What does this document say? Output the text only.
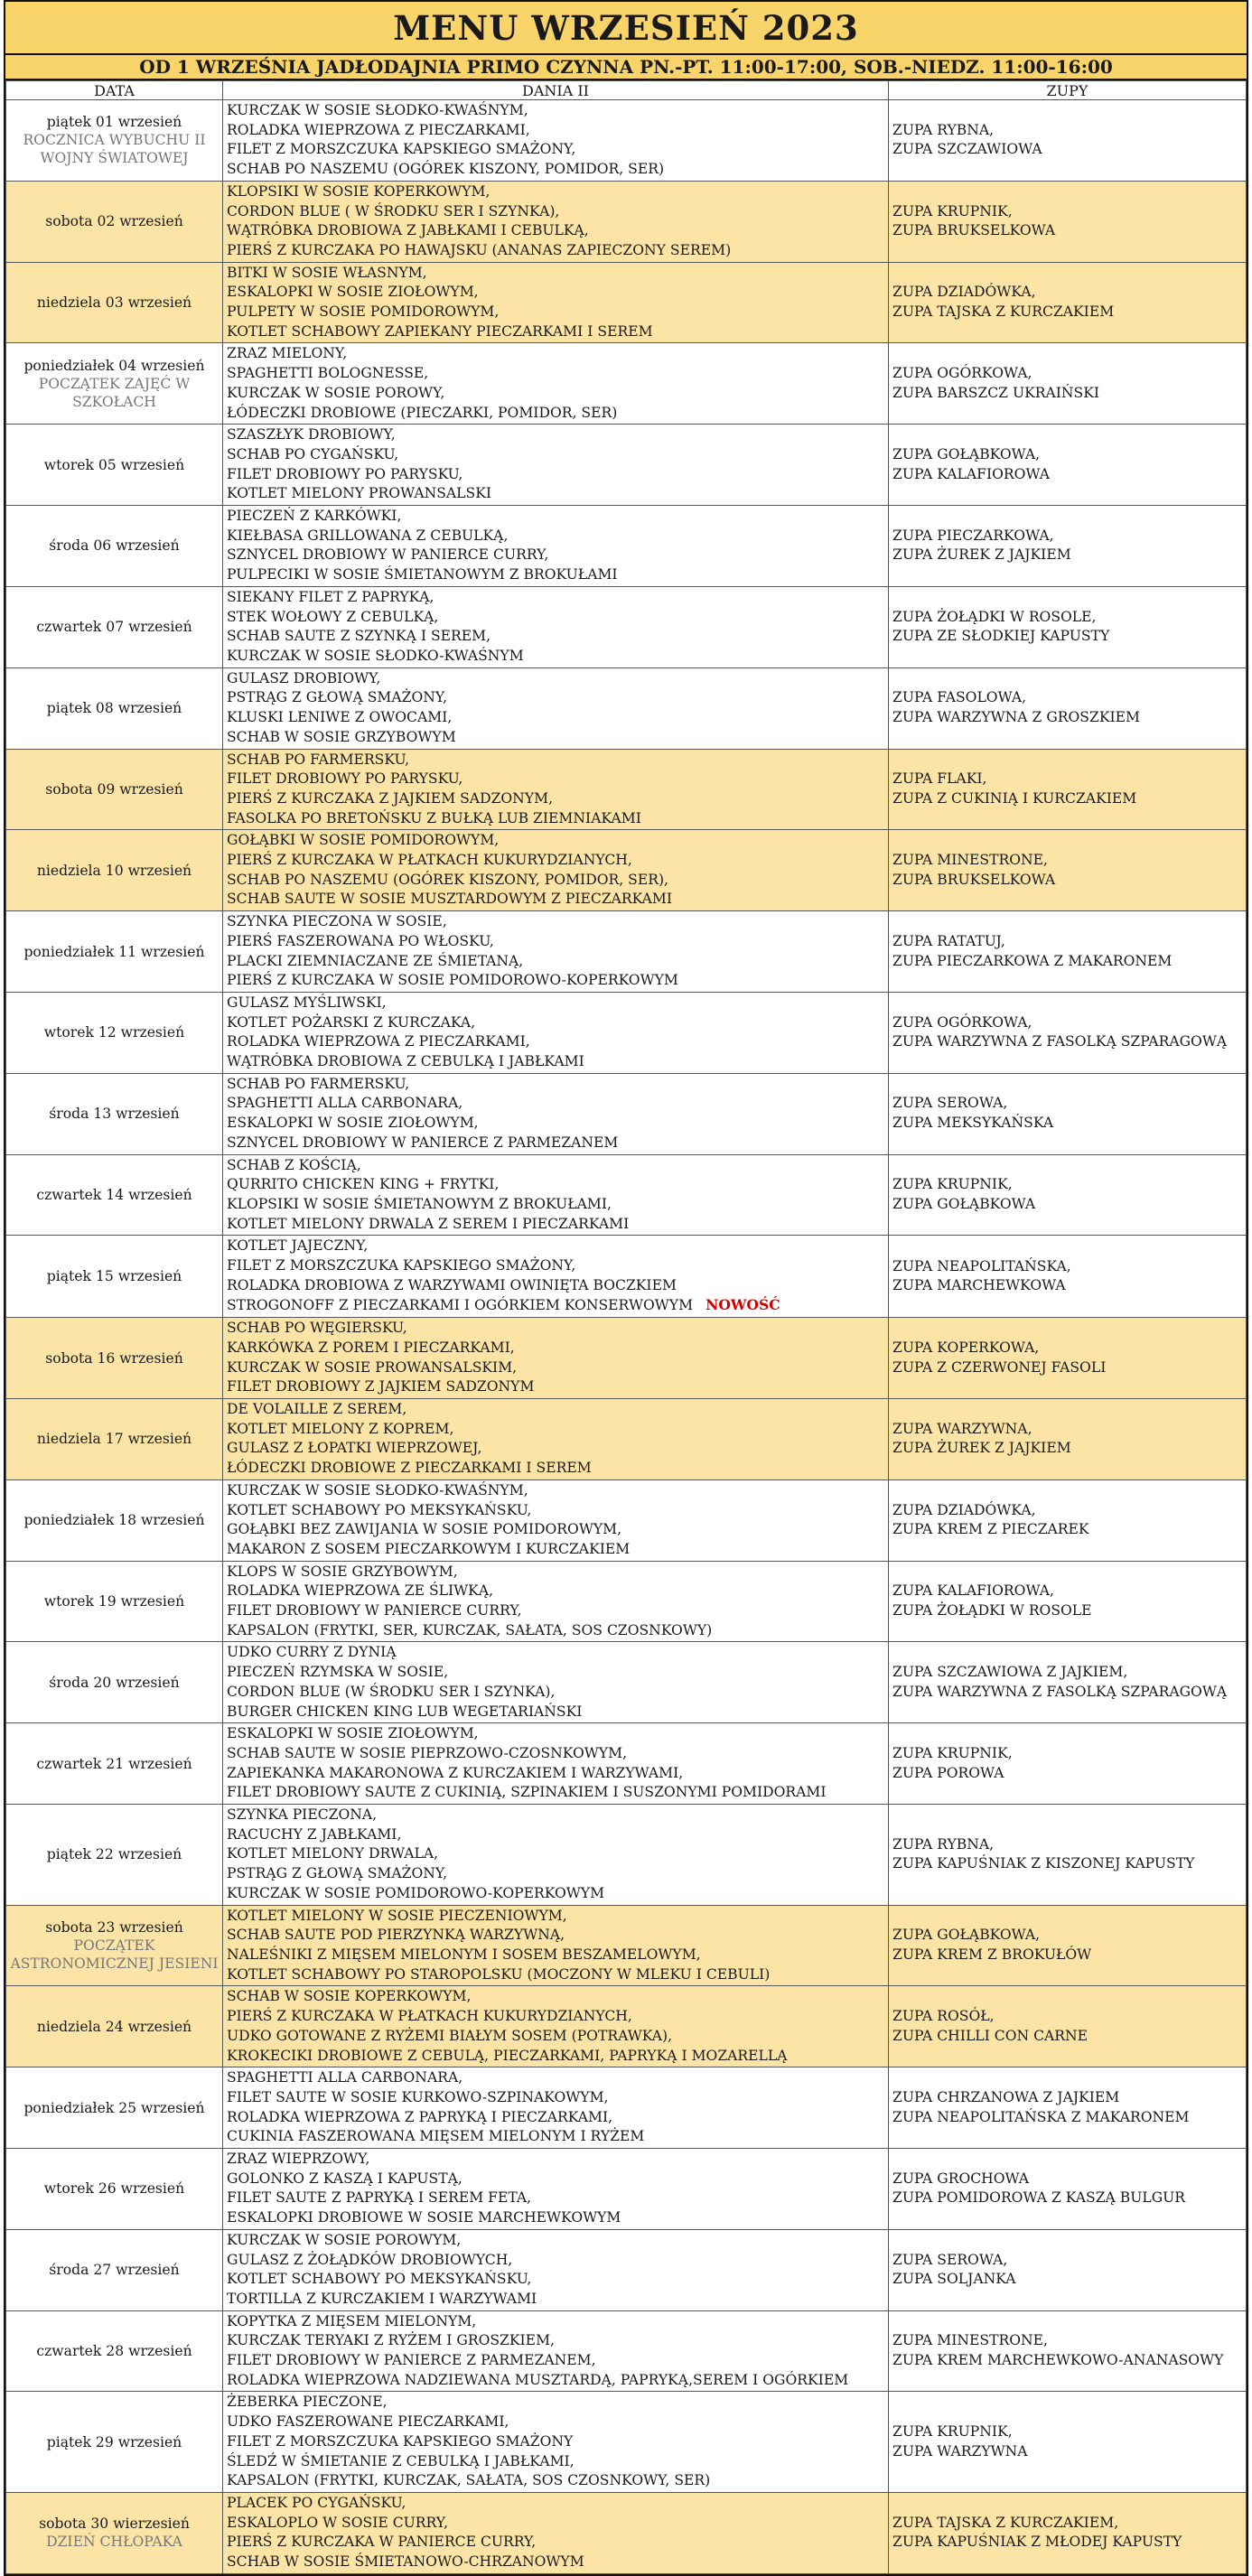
MENU WRZESIEŃ 2023
OD 1 WRZEŚNIA JADŁODAJNIA PRIMO CZYNNA PN.-PT. 11:00-17:00, SOB.-NIEDZ. 11:00-16:00
DATA	DANIA II	ZUPY

piątek 01 wrzesień
ROCZNICA WYBUCHU II WOJNY ŚWIATOWEJ	KURCZAK W SOSIE SŁODKO-KWAŚNYM,
ROLADKA WIEPRZOWA Z PIECZARKAMI,
FILET Z MORSZCZUKA KAPSKIEGO SMAŻONY,
SCHAB PO NASZEMU (OGÓREK KISZONY, POMIDOR, SER)	ZUPA RYBNA,
ZUPA SZCZAWIOWA

sobota 02 wrzesień	KLOPSIKI W SOSIE KOPERKOWYM,
CORDON BLUE ( W ŚRODKU SER I SZYNKA),
WĄTRÓBKA DROBIOWA Z JABŁKAMI I CEBULKĄ,
PIERŚ Z KURCZAKA PO HAWAJSKU (ANANAS ZAPIECZONY SEREM)	ZUPA KRUPNIK,
ZUPA BRUKSELKOWA

niedziela 03 wrzesień	BITKI W SOSIE WŁASNYM,
ESKALOPKI W SOSIE ZIOŁOWYM,
PULPETY W SOSIE POMIDOROWYM,
KOTLET SCHABOWY ZAPIEKANY PIECZARKAMI I SEREM	ZUPA DZIADÓWKA,
ZUPA TAJSKA Z KURCZAKIEM

poniedziałek 04 wrzesień
POCZĄTEK ZAJĘĆ W SZKOŁACH	ZRAZ MIELONY,
SPAGHETTI BOLOGNESSE,
KURCZAK W SOSIE POROWY,
ŁÓDECZKI DROBIOWE (PIECZARKI, POMIDOR, SER)	ZUPA OGÓRKOWA,
ZUPA BARSZCZ UKRAIŃSKI

wtorek 05 wrzesień	SZASZŁYK DROBIOWY,
SCHAB PO CYGAŃSKU,
FILET DROBIOWY PO PARYSKU,
KOTLET MIELONY PROWANSALSKI	ZUPA GOŁĄBKOWA,
ZUPA KALAFIOROWA

środa 06 wrzesień	PIECZEŃ Z KARKÓWKI,
KIEŁBASA GRILLOWANA Z CEBULKĄ,
SZNYCEL DROBIOWY W PANIERCE CURRY,
PULPECIKI W SOSIE ŚMIETANOWYM Z BROKUŁAMI	ZUPA PIECZARKOWA,
ZUPA ŻUREK Z JAJKIEM

czwartek 07 wrzesień	SIEKANY FILET Z PAPRYKĄ,
STEK WOŁOWY Z CEBULKĄ,
SCHAB SAUTE Z SZYNKĄ I SEREM,
KURCZAK W SOSIE SŁODKO-KWAŚNYM	ZUPA ŻOŁĄDKI W ROSOLE,
ZUPA ZE SŁODKIEJ KAPUSTY

piątek 08 wrzesień	GULASZ DROBIOWY,
PSTRĄG Z GŁOWĄ SMAŻONY,
KLUSKI LENIWE Z OWOCAMI,
SCHAB W SOSIE GRZYBOWYM	ZUPA FASOLOWA,
ZUPA WARZYWNA Z GROSZKIEM

sobota 09 wrzesień	SCHAB PO FARMERSKU,
FILET DROBIOWY PO PARYSKU,
PIERŚ Z KURCZAKA Z JAJKIEM SADZONYM,
FASOLKA PO BRETOŃSKU Z BUŁKĄ LUB ZIEMNIAKAMI	ZUPA FLAKI,
ZUPA Z CUKINIĄ I KURCZAKIEM

niedziela 10 wrzesień	GOŁĄBKI W SOSIE POMIDOROWYM,
PIERŚ Z KURCZAKA W PŁATKACH KUKURYDZIANYCH,
SCHAB PO NASZEMU (OGÓREK KISZONY, POMIDOR, SER),
SCHAB SAUTE W SOSIE MUSZTARDOWYM Z PIECZARKAMI	ZUPA MINESTRONE,
ZUPA BRUKSELKOWA

poniedziałek 11 wrzesień	SZYNKA PIECZONA W SOSIE,
PIERŚ FASZEROWANA PO WŁOSKU,
PLACKI ZIEMNIACZANE ZE ŚMIETANĄ,
PIERŚ Z KURCZAKA W SOSIE POMIDOROWO-KOPERKOWYM	ZUPA RATATUJ,
ZUPA PIECZARKOWA Z MAKARONEM

wtorek 12 wrzesień	GULASZ MYŚLIWSKI,
KOTLET POŻARSKI Z KURCZAKA,
ROLADKA WIEPRZOWA Z PIECZARKAMI,
WĄTRÓBKA DROBIOWA Z CEBULKĄ I JABŁKAMI	ZUPA OGÓRKOWA,
ZUPA WARZYWNA Z FASOLKĄ SZPARAGOWĄ

środa 13 wrzesień	SCHAB PO FARMERSKU,
SPAGHETTI ALLA CARBONARA,
ESKALOPKI W SOSIE ZIOŁOWYM,
SZNYCEL DROBIOWY W PANIERCE Z PARMEZANEM	ZUPA SEROWA,
ZUPA MEKSYKAŃSKA

czwartek 14 wrzesień	SCHAB Z KOŚCIĄ,
QURRITO CHICKEN KING + FRYTKI,
KLOPSIKI W SOSIE ŚMIETANOWYM Z BROKUŁAMI,
KOTLET MIELONY DRWALA Z SEREM I PIECZARKAMI	ZUPA KRUPNIK,
ZUPA GOŁĄBKOWA

piątek 15 wrzesień	KOTLET JAJECZNY,
FILET Z MORSZCZUKA KAPSKIEGO SMAŻONY,
ROLADKA DROBIOWA Z WARZYWAMI OWINIĘTA BOCZKIEM
STROGONOFF Z PIECZARKAMI I OGÓRKIEM KONSERWOWYM NOWOŚĆ	ZUPA NEAPOLITAŃSKA,
ZUPA MARCHEWKOWA

sobota 16 wrzesień	SCHAB PO WĘGIERSKU,
KARKÓWKA Z POREM I PIECZARKAMI,
KURCZAK W SOSIE PROWANSALSKIM,
FILET DROBIOWY Z JAJKIEM SADZONYM	ZUPA KOPERKOWA,
ZUPA Z CZERWONEJ FASOLI

niedziela 17 wrzesień	DE VOLAILLE Z SEREM,
KOTLET MIELONY Z KOPREM,
GULASZ Z ŁOPATKI WIEPRZOWEJ,
ŁÓDECZKI DROBIOWE Z PIECZARKAMI I SEREM	ZUPA WARZYWNA,
ZUPA ŻUREK Z JAJKIEM

poniedziałek 18 wrzesień	KURCZAK W SOSIE SŁODKO-KWAŚNYM,
KOTLET SCHABOWY PO MEKSYKAŃSKU,
GOŁĄBKI BEZ ZAWIJANIA W SOSIE POMIDOROWYM,
MAKARON Z SOSEM PIECZARKOWYM I KURCZAKIEM	ZUPA DZIADÓWKA,
ZUPA KREM Z PIECZAREK

wtorek 19 wrzesień	KLOPS W SOSIE GRZYBOWYM,
ROLADKA WIEPRZOWA ZE ŚLIWKĄ,
FILET DROBIOWY W PANIERCE CURRY,
KAPSALON (FRYTKI, SER, KURCZAK, SAŁATA, SOS CZOSNKOWY)	ZUPA KALAFIOROWA,
ZUPA ŻOŁĄDKI W ROSOLE

środa 20 wrzesień	UDKO CURRY Z DYNIĄ
PIECZEŃ RZYMSKA W SOSIE,
CORDON BLUE (W ŚRODKU SER I SZYNKA),
BURGER CHICKEN KING LUB WEGETARIAŃSKI	ZUPA SZCZAWIOWA Z JAJKIEM,
ZUPA WARZYWNA Z FASOLKĄ SZPARAGOWĄ

czwartek 21 wrzesień	ESKALOPKI W SOSIE ZIOŁOWYM,
SCHAB SAUTE W SOSIE PIEPRZOWO-CZOSNKOWYM,
ZAPIEKANKA MAKARONOWA Z KURCZAKIEM I WARZYWAMI,
FILET DROBIOWY SAUTE Z CUKINIĄ, SZPINAKIEM I SUSZONYMI POMIDORAMI	ZUPA KRUPNIK,
ZUPA POROWA

piątek 22 wrzesień	SZYNKA PIECZONA,
RACUCHY Z JABŁKAMI,
KOTLET MIELONY DRWALA,
PSTRĄG Z GŁOWĄ SMAŻONY,
KURCZAK W SOSIE POMIDOROWO-KOPERKOWYM	ZUPA RYBNA,
ZUPA KAPUŚNIAK Z KISZONEJ KAPUSTY

sobota 23 wrzesień
POCZĄTEK ASTRONOMICZNEJ JESIENI	KOTLET MIELONY W SOSIE PIECZENIOWYM,
SCHAB SAUTE POD PIERZYNKĄ WARZYWNĄ,
NALEŚNIKI Z MIĘSEM MIELONYM I SOSEM BESZAMELOWYM,
KOTLET SCHABOWY PO STAROPOLSKU (MOCZONY W MLEKU I CEBULI)	ZUPA GOŁĄBKOWA,
ZUPA KREM Z BROKUŁÓW

niedziela 24 wrzesień	SCHAB W SOSIE KOPERKOWYM,
PIERŚ Z KURCZAKA W PŁATKACH KUKURYDZIANYCH,
UDKO GOTOWANE Z RYŻEMI BIAŁYM SOSEM (POTRAWKA),
KROKECIKI DROBIOWE Z CEBULĄ, PIECZARKAMI, PAPRYKĄ I MOZARELLĄ	ZUPA ROSÓŁ,
ZUPA CHILLI CON CARNE

poniedziałek 25 wrzesień	SPAGHETTI ALLA CARBONARA,
FILET SAUTE W SOSIE KURKOWO-SZPINAKOWYM,
ROLADKA WIEPRZOWA Z PAPRYKĄ I PIECZARKAMI,
CUKINIA FASZEROWANA MIĘSEM MIELONYM I RYŻEM	ZUPA CHRZANOWA Z JAJKIEM
ZUPA NEAPOLITAŃSKA Z MAKARONEM

wtorek 26 wrzesień	ZRAZ WIEPRZOWY,
GOLONKO Z KASZĄ I KAPUSTĄ,
FILET SAUTE Z PAPRYKĄ I SEREM FETA,
ESKALOPKI DROBIOWE W SOSIE MARCHEWKOWYM	ZUPA GROCHOWA
ZUPA POMIDOROWA Z KASZĄ BULGUR

środa 27 wrzesień	KURCZAK W SOSIE POROWYM,
GULASZ Z ŻOŁĄDKÓW DROBIOWYCH,
KOTLET SCHABOWY PO MEKSYKAŃSKU,
TORTILLA Z KURCZAKIEM I WARZYWAMI	ZUPA SEROWA,
ZUPA SOLJANKA

czwartek 28 wrzesień	KOPYTKA Z MIĘSEM MIELONYM,
KURCZAK TERYAKI Z RYŻEM I GROSZKIEM,
FILET DROBIOWY W PANIERCE Z PARMEZANEM,
ROLADKA WIEPRZOWA NADZIEWANA MUSZTARDĄ, PAPRYKĄ,SEREM I OGÓRKIEM	ZUPA MINESTRONE,
ZUPA KREM MARCHEWKOWO-ANANASOWY

piątek 29 wrzesień	ŻEBERKA PIECZONE,
UDKO FASZEROWANE PIECZARKAMI,
FILET Z MORSZCZUKA KAPSKIEGO SMAŻONY
ŚLEDŹ W ŚMIETANIE Z CEBULKĄ I JABŁKAMI,
KAPSALON (FRYTKI, KURCZAK, SAŁATA, SOS CZOSNKOWY, SER)	ZUPA KRUPNIK,
ZUPA WARZYWNA

sobota 30 wierzesień
DZIEŃ CHŁOPAKA	PLACEK PO CYGAŃSKU,
ESKALOPLO W SOSIE CURRY,
PIERŚ Z KURCZAKA W PANIERCE CURRY,
SCHAB W SOSIE ŚMIETANOWO-CHRZANOWYM	ZUPA TAJSKA Z KURCZAKIEM,
ZUPA KAPUŚNIAK Z MŁODEJ KAPUSTY
